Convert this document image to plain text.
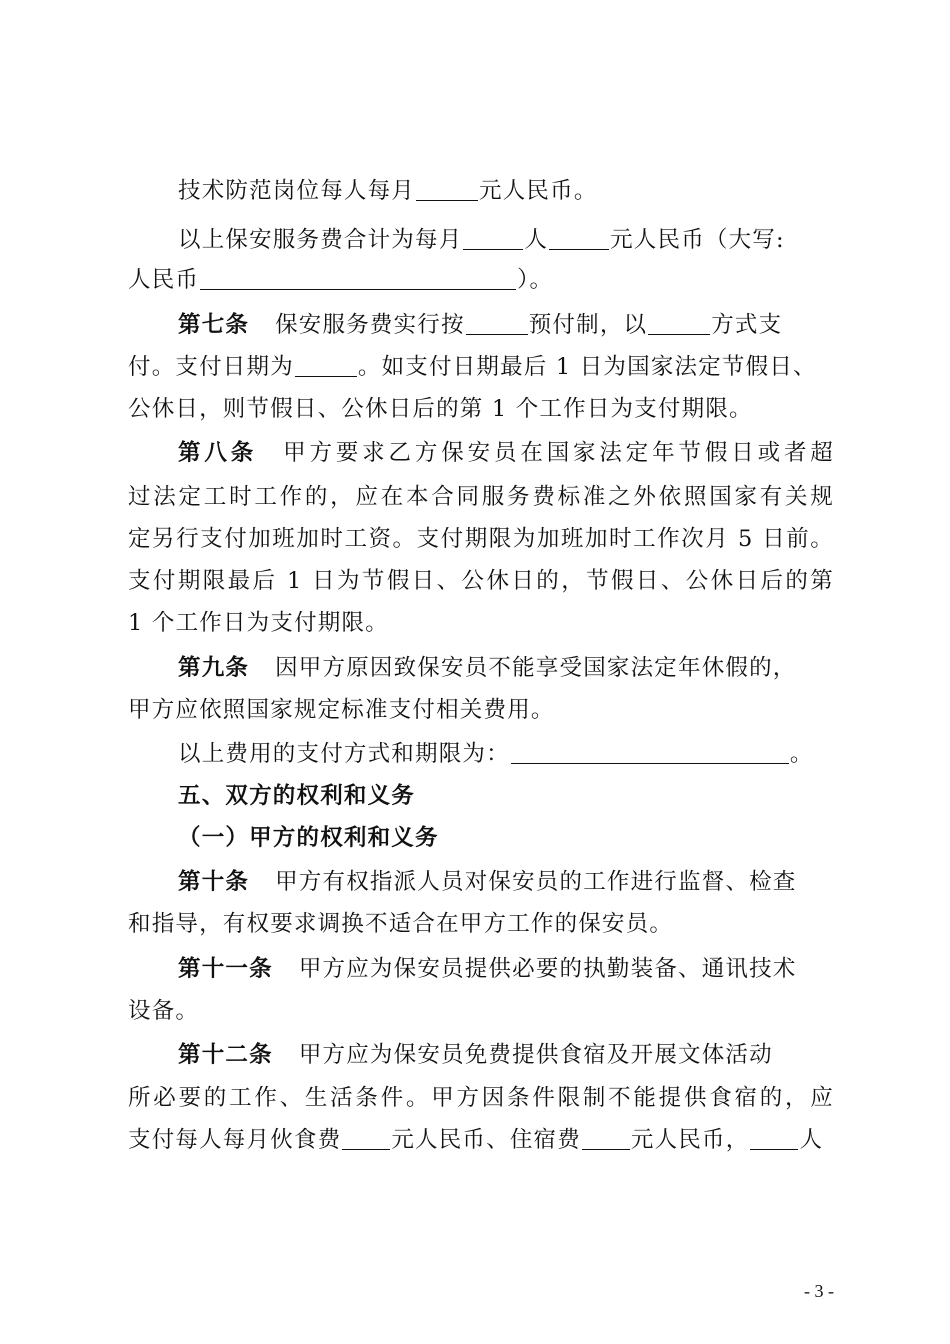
技术防范岗位每人每月	元人民币。
以上保安服务费合计为每月	人	元人民币（大写:
人民币	）。
第七条 保安服务费实行按	预付制，以	方式支
付。支付日期为	。如支付日期最后 1 日为国家法定节假日、
公休日，则节假日、公休日后的第 1 个工作日为支付期限。
第八条 甲方要求乙方保安员在国家法定年节假日或者超
过法定工时工作的，应在本合同服务费标准之外依照国家有关规
定另行支付加班加时工资。支付期限为加班加时工作次月 5 日前。
支付期限最后 1 日为节假日、公休日的，节假日、公休日后的第
1 个工作日为支付期限。
第九条 因甲方原因致保安员不能享受国家法定年休假的，
甲方应依照国家规定标准支付相关费用。
以上费用的支付方式和期限为：	。
五、双方的权利和义务
（一）甲方的权利和义务
第十条 甲方有权指派人员对保安员的工作进行监督、检查
和指导，有权要求调换不适合在甲方工作的保安员。
第十一条 甲方应为保安员提供必要的执勤装备、通讯技术
设备。
第十二条 甲方应为保安员免费提供食宿及开展文体活动
所必要的工作、生活条件。甲方因条件限制不能提供食宿的，应
支付每人每月伙食费 元人民币、住宿费 元人民币， 人
- 3 -
